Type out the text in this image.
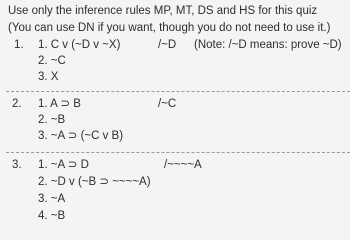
Use only the inference rules MP, MT, DS and HS for this quiz
(You can use DN if you want, though you do not need to use it.)
1. 1. C v (~D v ~X)	/~D (Note: /~D means: prove ~D)
2. ~C
3. X
2. 1. A ⊃ B	/~C
2. ~B
3. ~A ⊃ (~C v B)
3. 1. ~A ⊃ D	/~~~~A
2. ~D v (~B ⊃ ~~~~A)
3. ~A
4. ~B
